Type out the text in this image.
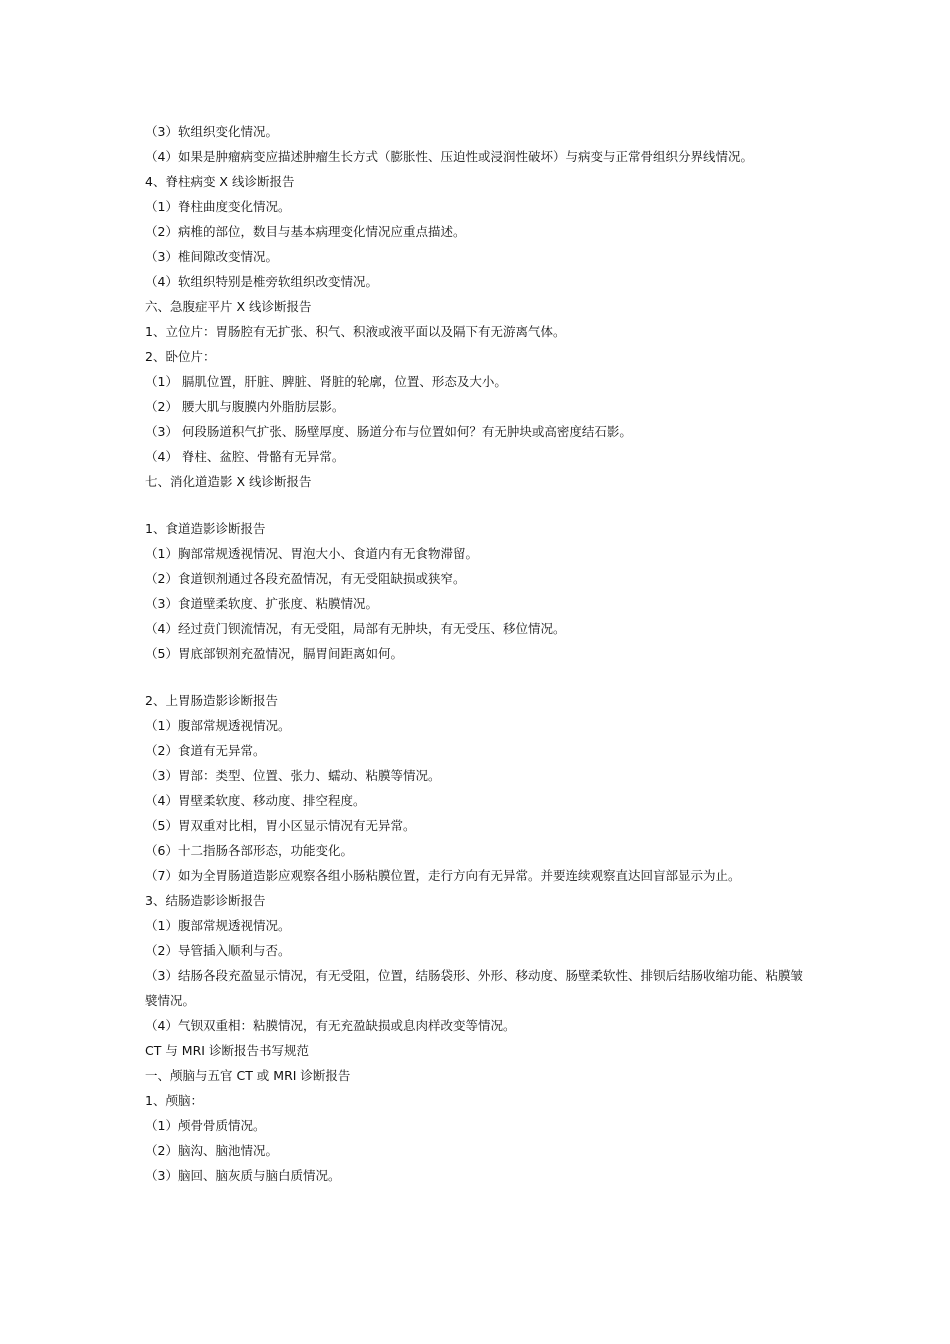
（3）软组织变化情况。
（4）如果是肿瘤病变应描述肿瘤生长方式（膨胀性、压迫性或浸润性破坏）与病变与正常骨组织分界线情况。
4、脊柱病变 X 线诊断报告
（1）脊柱曲度变化情况。
（2）病椎的部位，数目与基本病理变化情况应重点描述。
（3）椎间隙改变情况。
（4）软组织特别是椎旁软组织改变情况。
六、急腹症平片 X 线诊断报告
1、立位片：胃肠腔有无扩张、积气、积液或液平面以及隔下有无游离气体。
2、卧位片：
（1） 膈肌位置，肝脏、脾脏、肾脏的轮廓，位置、形态及大小。
（2） 腰大肌与腹膜内外脂肪层影。
（3） 何段肠道积气扩张、肠壁厚度、肠道分布与位置如何？有无肿块或高密度结石影。
（4） 脊柱、盆腔、骨骼有无异常。
七、消化道造影 X 线诊断报告
1、食道造影诊断报告
（1）胸部常规透视情况、胃泡大小、食道内有无食物滞留。
（2）食道钡剂通过各段充盈情况，有无受阻缺损或狭窄。
（3）食道壁柔软度、扩张度、粘膜情况。
（4）经过贲门钡流情况，有无受阻，局部有无肿块，有无受压、移位情况。
（5）胃底部钡剂充盈情况，膈胃间距离如何。
2、上胃肠造影诊断报告
（1）腹部常规透视情况。
（2）食道有无异常。
（3）胃部：类型、位置、张力、蠕动、粘膜等情况。
（4）胃壁柔软度、移动度、排空程度。
（5）胃双重对比相，胃小区显示情况有无异常。
（6）十二指肠各部形态，功能变化。
（7）如为全胃肠道造影应观察各组小肠粘膜位置，走行方向有无异常。并要连续观察直达回盲部显示为止。
3、结肠造影诊断报告
（1）腹部常规透视情况。
（2）导管插入顺利与否。
（3）结肠各段充盈显示情况，有无受阻，位置，结肠袋形、外形、移动度、肠壁柔软性、排钡后结肠收缩功能、粘膜皱襞情况。
（4）气钡双重相：粘膜情况，有无充盈缺损或息肉样改变等情况。
CT 与 MRI 诊断报告书写规范
一、颅脑与五官 CT 或 MRI 诊断报告
1、颅脑：
（1）颅骨骨质情况。
（2）脑沟、脑池情况。
（3）脑回、脑灰质与脑白质情况。
